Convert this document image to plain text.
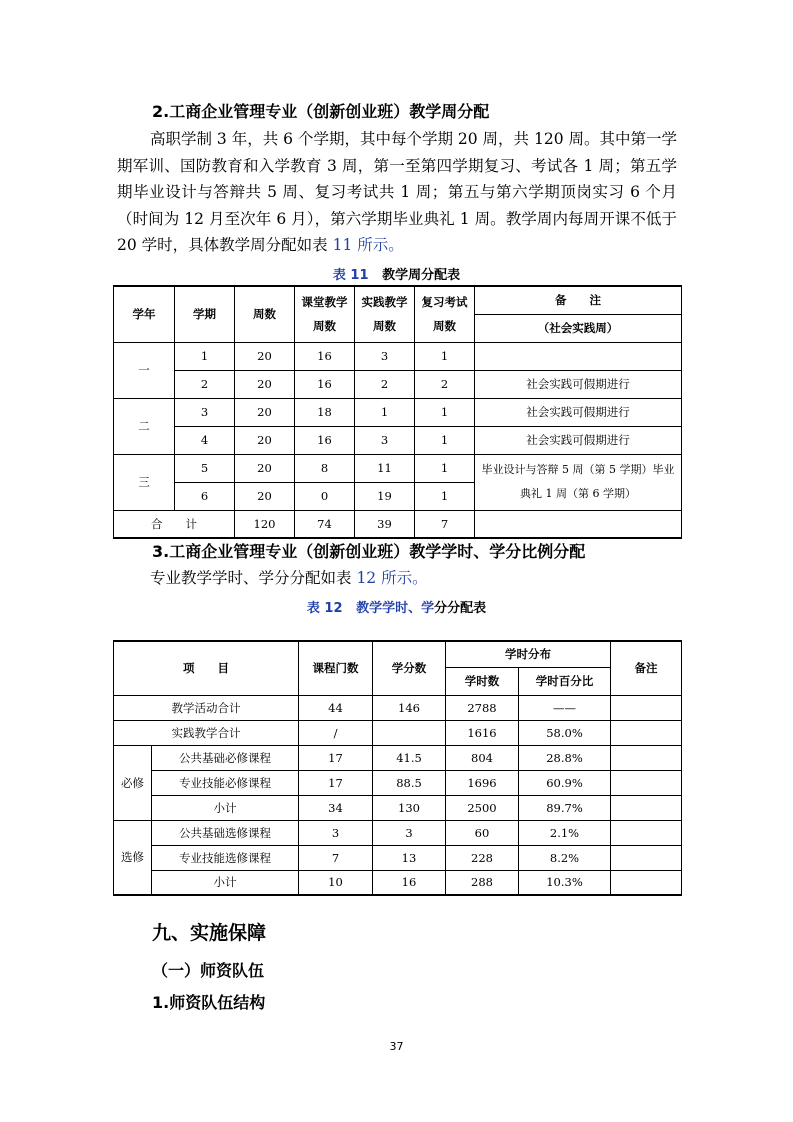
2.工商企业管理专业（创新创业班）教学周分配
高职学制 3 年，共 6 个学期，其中每个学期 20 周，共 120 周。其中第一学期军训、国防教育和入学教育 3 周，第一至第四学期复习、考试各 1 周；第五学期毕业设计与答辩共 5 周、复习考试共 1 周；第五与第六学期顶岗实习 6 个月（时间为 12 月至次年 6 月），第六学期毕业典礼 1 周。教学周内每周开课不低于 20 学时，具体教学周分配如表 11 所示。
表 11 教学周分配表
学年	学期	周数	课堂教学周数	实践教学周数	复习考试周数	备　　注
						（社会实践周）
一	1	20	16	3	1	
	2	20	16	2	2	社会实践可假期进行
二	3	20	18	1	1	社会实践可假期进行
	4	20	16	3	1	社会实践可假期进行
三	5	20	8	11	1	毕业设计与答辩 5 周（第 5 学期）毕业典礼 1 周（第 6 学期）
	6	20	0	19	1	
合　　计		120	74	39	7	
3.工商企业管理专业（创新创业班）教学学时、学分比例分配
专业教学学时、学分分配如表 12 所示。
表 12 教学学时、学分分配表
项　　目		课程门数	学分数	学时分布		备注
				学时数	学时百分比	
教学活动合计		44	146	2788	——	
实践教学合计		/		1616	58.0%	
必修	公共基础必修课程	17	41.5	804	28.8%	
	专业技能必修课程	17	88.5	1696	60.9%	
	小计	34	130	2500	89.7%	
选修	公共基础选修课程	3	3	60	2.1%	
	专业技能选修课程	7	13	228	8.2%	
	小计	10	16	288	10.3%	
九、实施保障
（一）师资队伍
1.师资队伍结构
37
